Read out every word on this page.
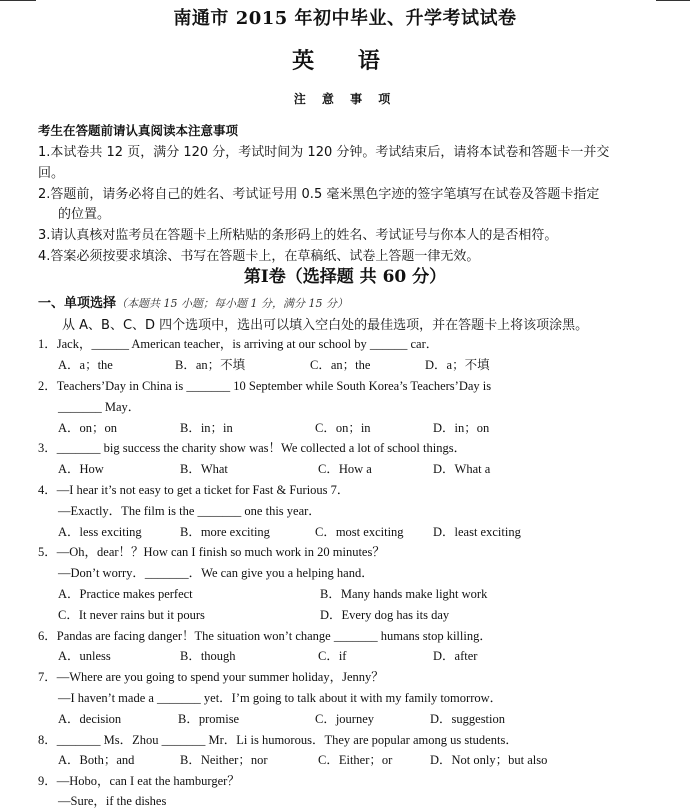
南通市 2015 年初中毕业、升学考试试卷
英 语
注 意 事 项
考生在答题前请认真阅读本注意事项
1.本试卷共 12 页，满分 120 分，考试时间为 120 分钟。考试结束后，请将本试卷和答题卡一并交
回。
2.答题前，请务必将自己的姓名、考试证号用 0.5 毫米黑色字迹的签字笔填写在试卷及答题卡指定
的位置。
3.请认真核对监考员在答题卡上所粘贴的条形码上的姓名、考试证号与你本人的是否相符。
4.答案必须按要求填涂、书写在答题卡上，在草稿纸、试卷上答题一律无效。
第Ⅰ卷（选择题 共 60 分）
一、单项选择（本题共 15 小题；每小题 1 分，满分 15 分）
从 A、B、C、D 四个选项中，选出可以填入空白处的最佳选项，并在答题卡上将该项涂黑。
1．Jack，______ American teacher，is arriving at our school by ______ car．
A．a；the	B．an；不填	C．an；the	D．a；不填
2．Teachers’Day in China is _______ 10 September while South Korea’s Teachers’Day is
_______ May．
A．on；on	B．in；in	C．on；in	D．in；on
3．_______ big success the charity show was！We collected a lot of school things．
A．How	B．What	C．How a	D．What a
4．—I hear it’s not easy to get a ticket for Fast & Furious 7．
—Exactly．The film is the _______ one this year．
A．less exciting	B．more exciting	C．most exciting D．least exciting
5．—Oh，dear！？How can I finish so much work in 20 minutes？
—Don’t worry．_______．We can give you a helping hand．
A．Practice makes perfect	B．Many hands make light work
C．It never rains but it pours	D．Every dog has its day
6．Pandas are facing danger！The situation won’t change _______ humans stop killing．
A．unless	B．though	C．if	D．after
7．—Where are you going to spend your summer holiday，Jenny？
—I haven’t made a _______ yet．I’m going to talk about it with my family tomorrow．
A．decision	B．promise	C．journey	D．suggestion
8．_______ Ms．Zhou _______ Mr．Li is humorous．They are popular among us students．
A．Both；and	B．Neither；nor	C．Either；or	D．Not only；but also
9．—Hobo，can I eat the hamburger？
—Sure，if the dishes
